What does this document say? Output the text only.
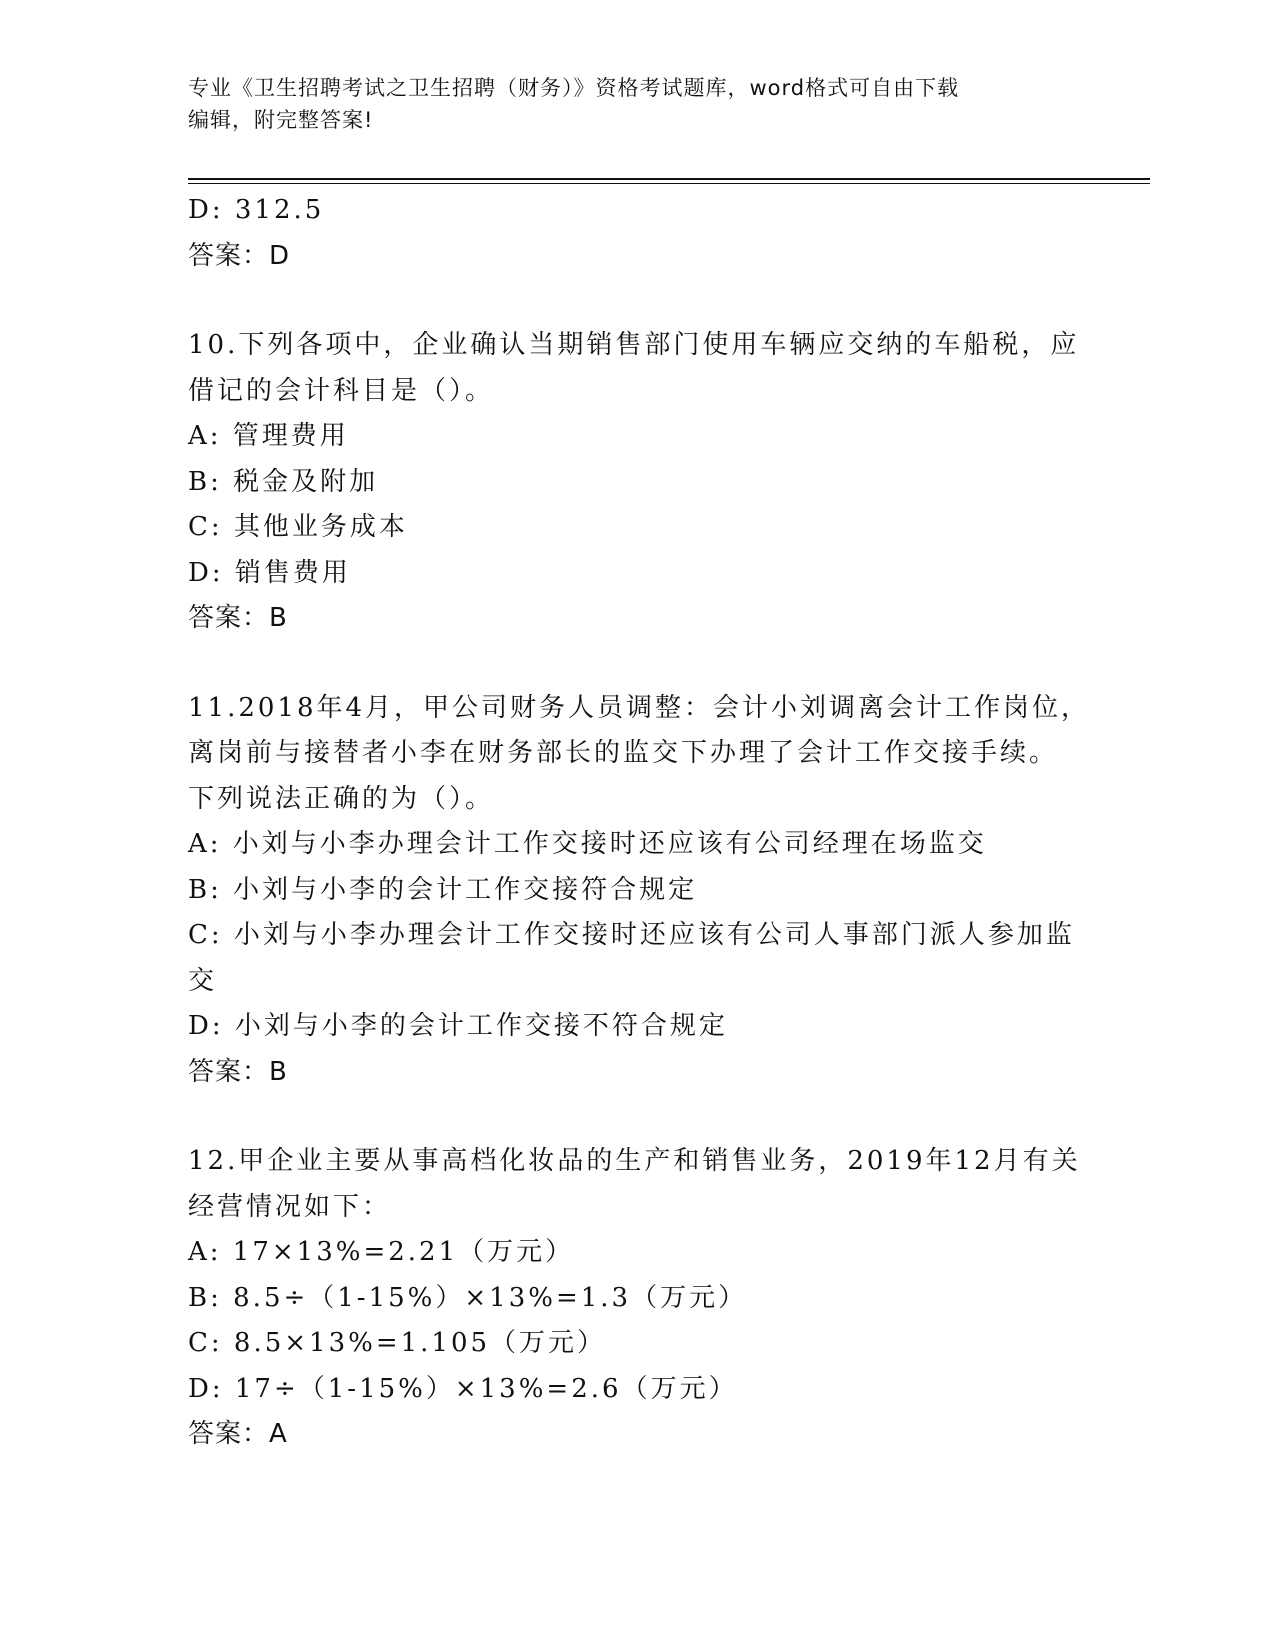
专业《卫生招聘考试之卫生招聘（财务）》资格考试题库，word格式可自由下载
编辑，附完整答案!
D: 312.5
答案：D
10.下列各项中，企业确认当期销售部门使用车辆应交纳的车船税，应
借记的会计科目是（）。
A: 管理费用
B: 税金及附加
C: 其他业务成本
D: 销售费用
答案：B
11.2018年4月，甲公司财务人员调整：会计小刘调离会计工作岗位，
离岗前与接替者小李在财务部长的监交下办理了会计工作交接手续。
下列说法正确的为（）。
A: 小刘与小李办理会计工作交接时还应该有公司经理在场监交
B: 小刘与小李的会计工作交接符合规定
C: 小刘与小李办理会计工作交接时还应该有公司人事部门派人参加监
交
D: 小刘与小李的会计工作交接不符合规定
答案：B
12.甲企业主要从事高档化妆品的生产和销售业务，2019年12月有关
经营情况如下：
A: 17×13%=2.21（万元）
B: 8.5÷（1-15%）×13%=1.3（万元）
C: 8.5×13%=1.105（万元）
D: 17÷（1-15%）×13%=2.6（万元）
答案：A
